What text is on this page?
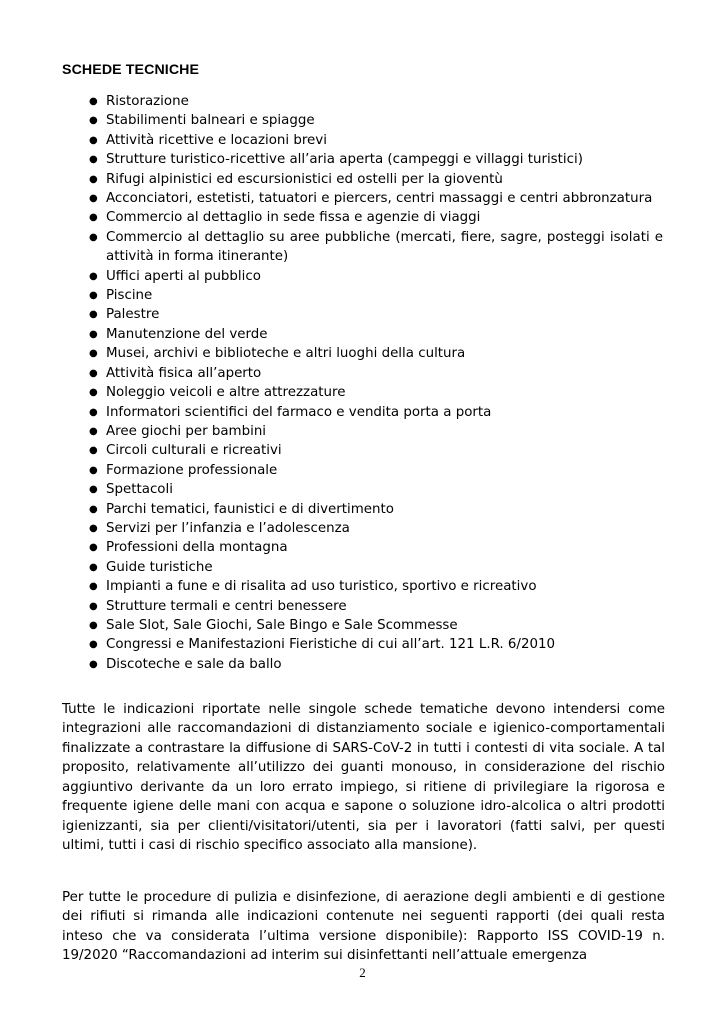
SCHEDE TECNICHE
● Ristorazione
● Stabilimenti balneari e spiagge
● Attività ricettive e locazioni brevi
● Strutture turistico-ricettive all’aria aperta (campeggi e villaggi turistici)
● Rifugi alpinistici ed escursionistici ed ostelli per la gioventù
● Acconciatori, estetisti, tatuatori e piercers, centri massaggi e centri abbronzatura
● Commercio al dettaglio in sede fissa e agenzie di viaggi
● Commercio al dettaglio su aree pubbliche (mercati, fiere, sagre, posteggi isolati e attività in forma itinerante)
● Uffici aperti al pubblico
● Piscine
● Palestre
● Manutenzione del verde
● Musei, archivi e biblioteche e altri luoghi della cultura
● Attività fisica all’aperto
● Noleggio veicoli e altre attrezzature
● Informatori scientifici del farmaco e vendita porta a porta
● Aree giochi per bambini
● Circoli culturali e ricreativi
● Formazione professionale
● Spettacoli
● Parchi tematici, faunistici e di divertimento
● Servizi per l’infanzia e l’adolescenza
● Professioni della montagna
● Guide turistiche
● Impianti a fune e di risalita ad uso turistico, sportivo e ricreativo
● Strutture termali e centri benessere
● Sale Slot, Sale Giochi, Sale Bingo e Sale Scommesse
● Congressi e Manifestazioni Fieristiche di cui all’art. 121 L.R. 6/2010
● Discoteche e sale da ballo

Tutte le indicazioni riportate nelle singole schede tematiche devono intendersi come integrazioni alle raccomandazioni di distanziamento sociale e igienico-comportamentali finalizzate a contrastare la diffusione di SARS-CoV-2 in tutti i contesti di vita sociale. A tal proposito, relativamente all’utilizzo dei guanti monouso, in considerazione del rischio aggiuntivo derivante da un loro errato impiego, si ritiene di privilegiare la rigorosa e frequente igiene delle mani con acqua e sapone o soluzione idro-alcolica o altri prodotti igienizzanti, sia per clienti/visitatori/utenti, sia per i lavoratori (fatti salvi, per questi ultimi, tutti i casi di rischio specifico associato alla mansione).

Per tutte le procedure di pulizia e disinfezione, di aerazione degli ambienti e di gestione dei rifiuti si rimanda alle indicazioni contenute nei seguenti rapporti (dei quali resta inteso che va considerata l’ultima versione disponibile): Rapporto ISS COVID-19 n. 19/2020 “Raccomandazioni ad interim sui disinfettanti nell’attuale emergenza

2
